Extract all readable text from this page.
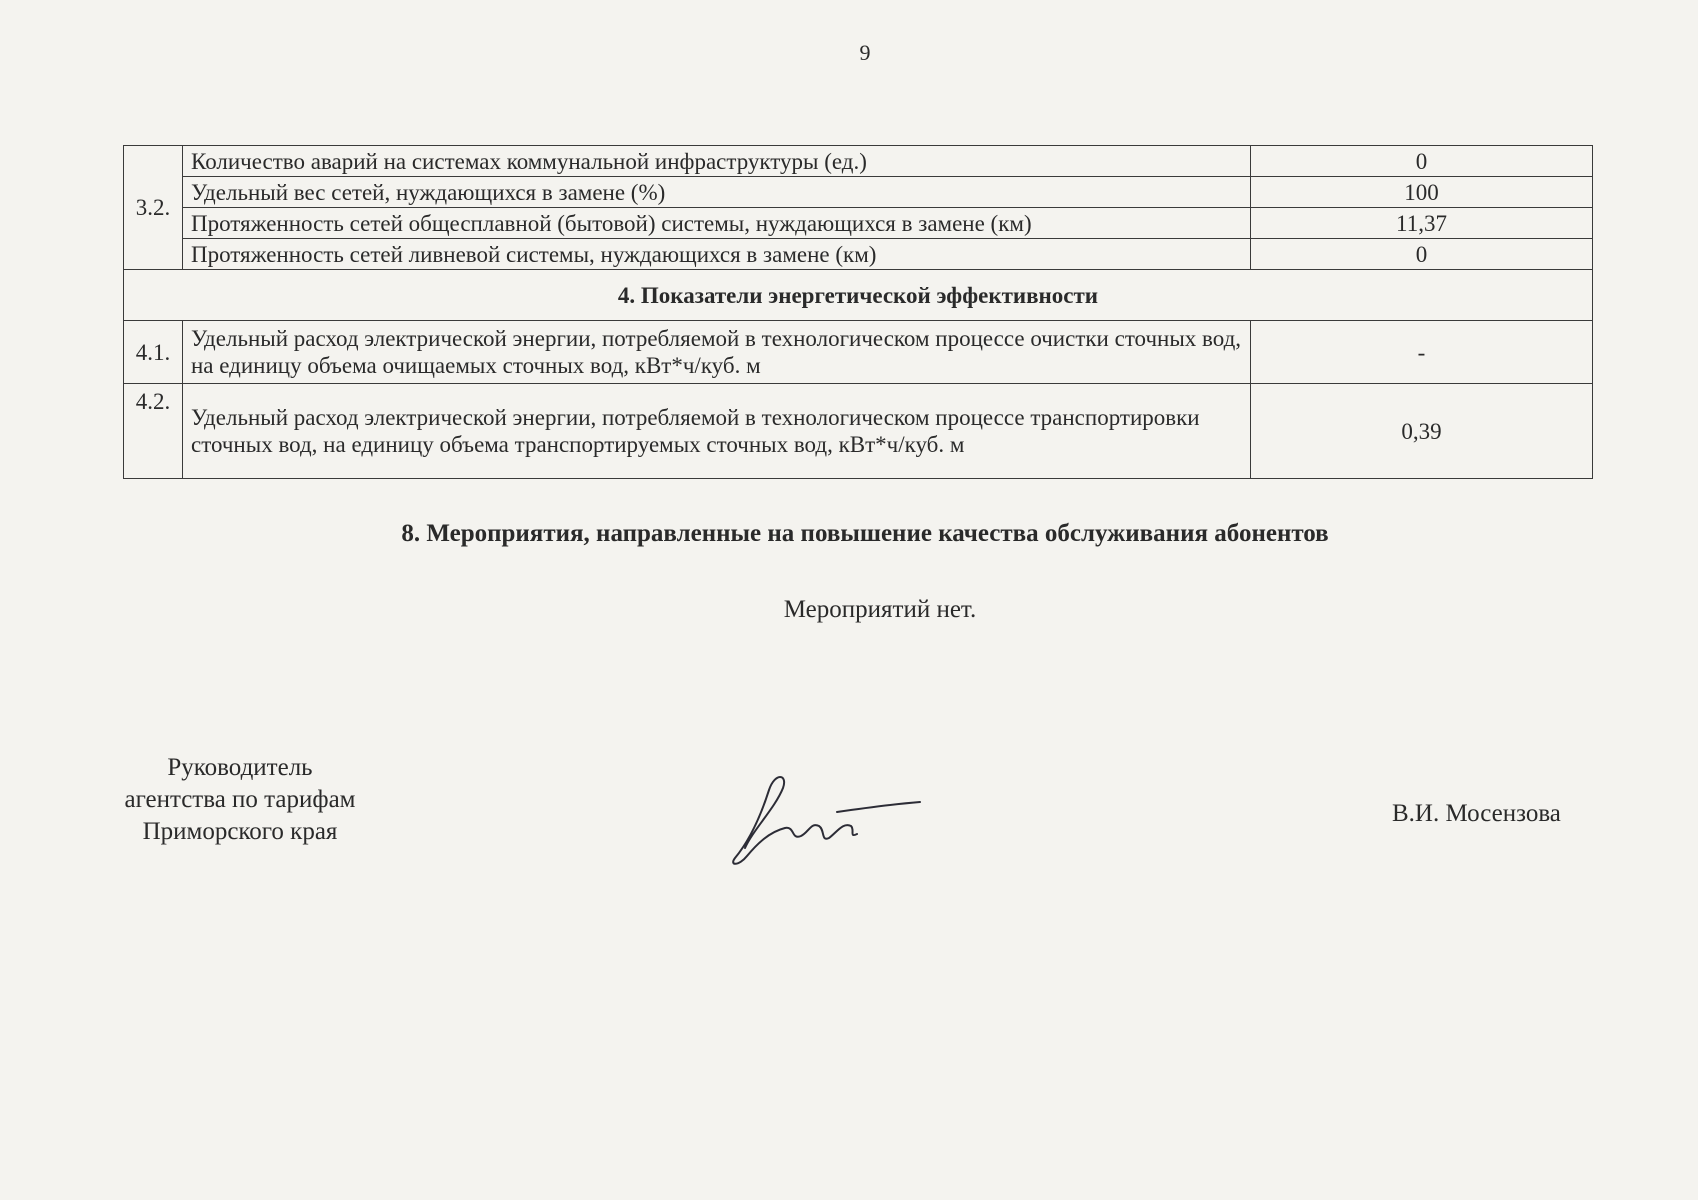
9
3.2.	Количество аварий на системах коммунальной инфраструктуры (ед.)	0
	Удельный вес сетей, нуждающихся в замене (%)	100
	Протяженность сетей общесплавной (бытовой) системы, нуждающихся в замене (км)	11,37
	Протяженность сетей ливневой системы, нуждающихся в замене (км)	0
4. Показатели энергетической эффективности		
4.1.	Удельный расход электрической энергии, потребляемой в технологическом процессе очистки сточных вод, на единицу объема очищаемых сточных вод, кВт*ч/куб. м	-
4.2.	Удельный расход электрической энергии, потребляемой в технологическом процессе транспортировки сточных вод, на единицу объема транспортируемых сточных вод, кВт*ч/куб. м	0,39
8. Мероприятия, направленные на повышение качества обслуживания абонентов
Мероприятий нет.
Руководитель
агентства по тарифам
Приморского края
В.И. Мосензова
